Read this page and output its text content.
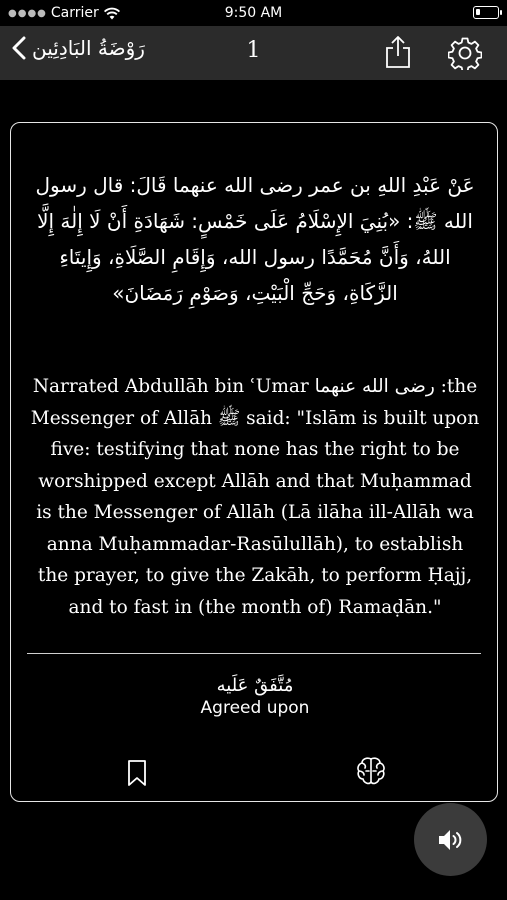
●●●● Carrier	9:50 AM
رَوْضَةُ البَادِئِين	1
عَنْ عَبْدِ اللهِ بن عمر رضى الله عنهما قَالَ: قال رسول الله ﷺ: «بُنِيَ الإِسْلَامُ عَلَى خَمْسٍ: شَهَادَةِ أَنْ لَا إِلٰهَ إِلَّا اللهُ، وَأَنَّ مُحَمَّدًا رسول الله، وَإِقَامِ الصَّلَاةِ، وَإِيتَاءِ الزَّكَاةِ، وَحَجِّ الْبَيْتِ، وَصَوْمِ رَمَضَانَ»
Narrated Abdullāh bin ʿUmar رضى الله عنهما :the Messenger of Allāh ﷺ said: "Islām is built upon five: testifying that none has the right to be worshipped except Allāh and that Muḥammad is the Messenger of Allāh (Lā ilāha ill-Allāh wa anna Muḥammadar-Rasūlullāh), to establish the prayer, to give the Zakāh, to perform Ḥajj, and to fast in (the month of) Ramaḍān."
مُتَّفَقٌ عَلَيه
Agreed upon
